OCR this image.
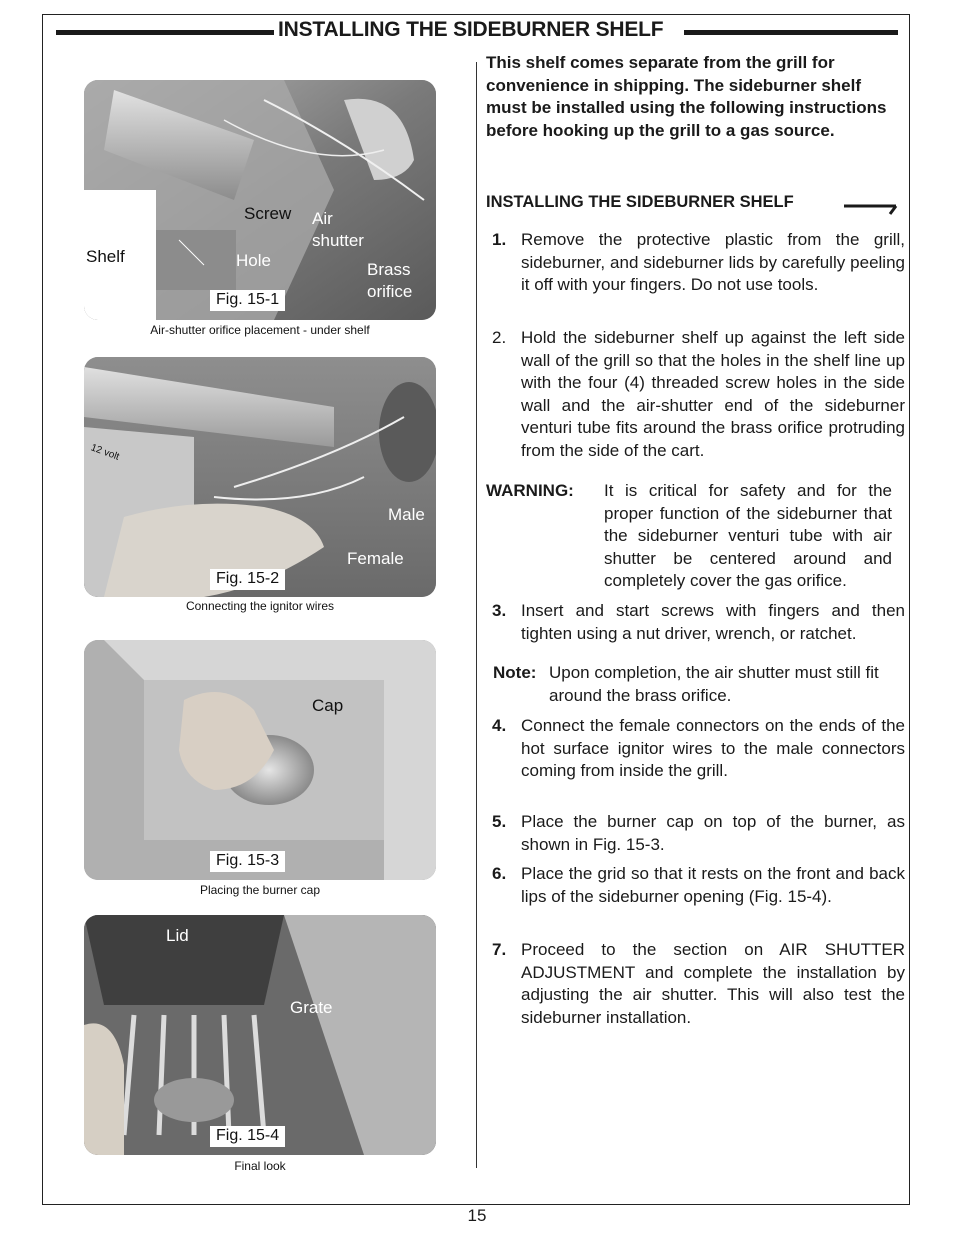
INSTALLING THE SIDEBURNER SHELF
Shelf
Screw
Hole
Air
shutter
Brass
orifice
Fig. 15-1
Air-shutter orifice placement - under shelf
12 volt
Male
Female
Fig. 15-2
Connecting the ignitor wires
Cap
Fig. 15-3
Placing the burner cap
Lid
Grate
Fig. 15-4
Final look
This shelf comes separate from the grill for convenience in shipping. The sideburner shelf must be installed using the following instructions before hooking up the grill to a gas source.
INSTALLING THE SIDEBURNER SHELF
1. Remove the protective plastic from the grill, sideburner, and sideburner lids by carefully peeling it off with your fingers. Do not use tools.
2. Hold the sideburner shelf up against the left side wall of the grill so that the holes in the shelf line up with the four (4) threaded screw holes in the side wall and the air-shutter end of the sideburner venturi tube fits around the brass orifice protruding from the side of the cart.
WARNING: It is critical for safety and for the proper function of the sideburner that the sideburner venturi tube with air shutter be centered around and completely cover the gas orifice.
3. Insert and start screws with fingers and then tighten using a nut driver, wrench, or ratchet.
Note: Upon completion, the air shutter must still fit around the brass orifice.
4. Connect the female connectors on the ends of the hot surface ignitor wires to the male connectors coming from inside the grill.
5. Place the burner cap on top of the burner, as shown in Fig. 15-3.
6. Place the grid so that it rests on the front and back lips of the sideburner opening (Fig. 15-4).
7. Proceed to the section on AIR SHUTTER ADJUSTMENT and complete the installation by adjusting the air shutter. This will also test the sideburner installation.
15
